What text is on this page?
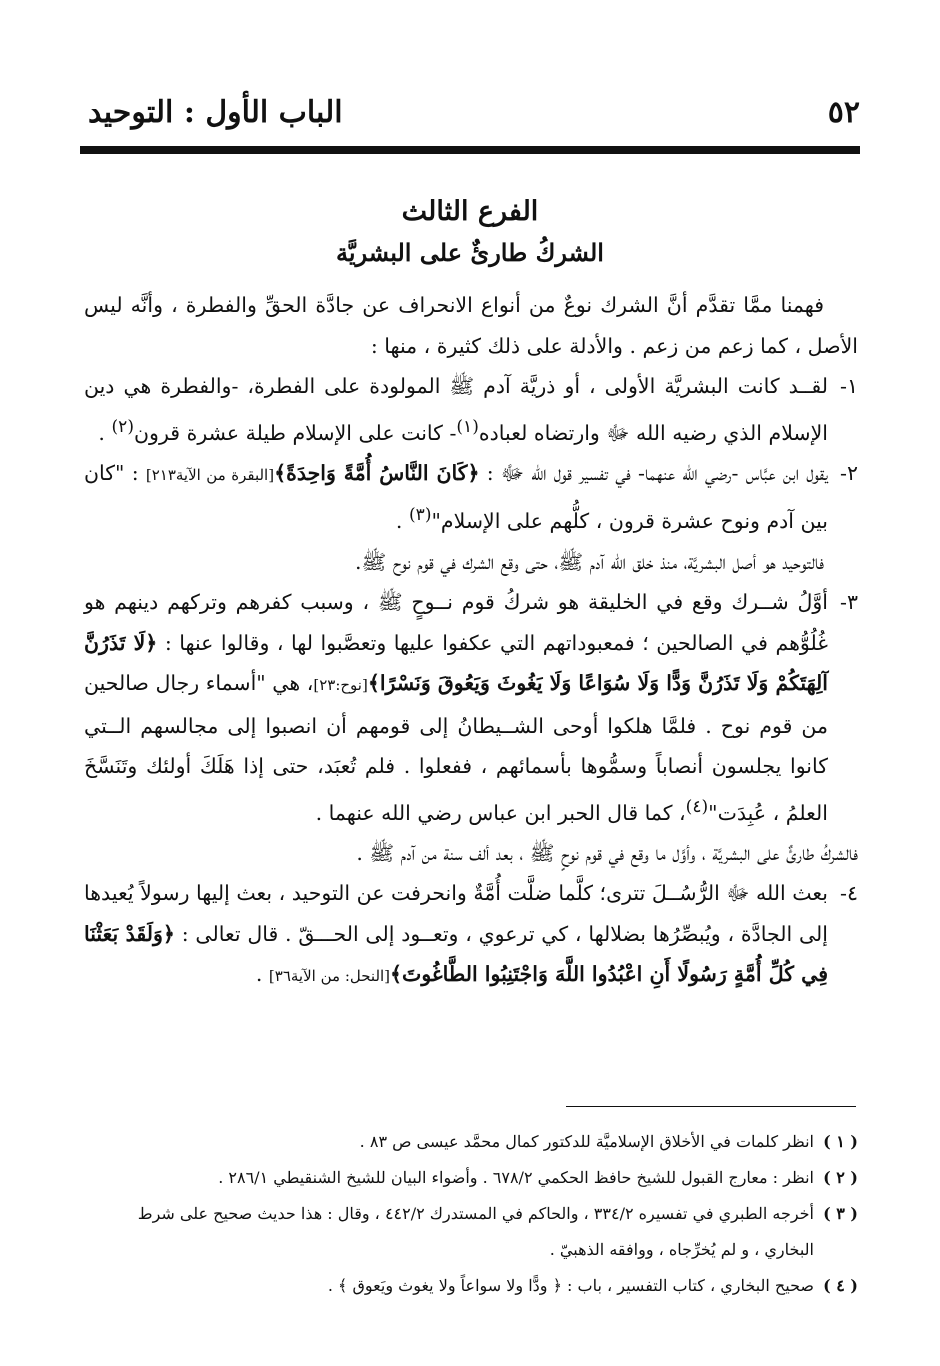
٥٢
الباب الأول : التوحيد
الفرع الثالث
الشركُ طارئٌ على البشريَّة

فهمنا ممَّا تقدَّم أنَّ الشرك نوعٌ من أنواع الانحراف عن جادَّة الحقِّ والفطرة ، وأنَّه ليس الأصل ، كما زعم من زعم . والأدلة على ذلك كثيرة ، منها :

١-لقــد كانت البشريَّة الأولى ، أو ذريَّة آدم ﷺ المولودة على الفطرة، -والفطرة هي دين الإسلام الذي رضيه الله ﷻ وارتضاه لعباده$^{(١)}$- كانت على الإسلام طيلة عشرة قرون$^{(٢)}$ .

٢-يقول ابن عبَّاس -رضي الله عنهما- في تفسير قول الله ﷻ : ﴿كَانَ النَّاسُ أُمَّةً وَاحِدَةً﴾[البقرة من الآية٢١٣] : "كان بين آدم ونوح عشرة قرون ، كلُّهم على الإسلام"$^{(٣)}$ .

فالتوحيد هو أصل البشريَّة، منذ خلق الله آدم ﷺ، حتى وقع الشرك في قوم نوح ﷺ.

٣-أوَّلُ شــرك وقع في الخليقة هو شركُ قوم نــوحٍ ﷺ ، وسبب كفرهم وتركهم دينهم هو غُلُوُّهم في الصالحين ؛ فمعبوداتهم التي عكفوا عليها وتعصَّبوا لها ، وقالوا عنها : ﴿لَا تَذَرُنَّ آلِهَتَكُمْ وَلَا تَذَرُنَّ وَدًّا وَلَا سُوَاعًا وَلَا يَغُوثَ وَيَعُوقَ وَنَسْرًا﴾[نوح:٢٣]، هي "أسماء رجال صالحين من قوم نوح . فلمَّا هلكوا أوحى الشــيطانُ إلى قومهم أن انصبوا إلى مجالسهم الــتي كانوا يجلسون أنصاباً وسمُّوها بأسمائهم ، ففعلوا . فلم تُعبَد، حتى إذا هَلَكَ أولئك وتَنَسَّخَ العلمُ ، عُبِدَت"$^{(٤)}$، كما قال الحبر ابن عباس رضي الله عنهما .

فالشركُ طارئٌ على البشريَّة ، وأوَّل ما وقع في قوم نوحٍ ﷺ ، بعد ألف سنة من آدم ﷺ .

٤-بعث الله ﷻ الرُّسُــلَ تترى؛ كلَّما ضلَّت أُمَّةٌ وانحرفت عن التوحيد ، بعث إليها رسولاً يُعيدها إلى الجادَّة ، ويُبصِّرُها بضلالها ، كي ترعوي ، وتعــود إلى الحـــقّ . قال تعالى : ﴿وَلَقَدْ بَعَثْنَا فِي كُلِّ أُمَّةٍ رَسُولًا أَنِ اعْبُدُوا اللَّهَ وَاجْتَنِبُوا الطَّاغُوتَ﴾[النحل: من الآية٣٦] .

( ١ )انظر كلمات في الأخلاق الإسلاميَّة للدكتور كمال محمَّد عيسى ص ٨٣ .

( ٢ )انظر : معارج القبول للشيخ حافظ الحكمي ٦٧٨/٢ . وأضواء البيان للشيخ الشنقيطي ٢٨٦/١ .

( ٣ )أخرجه الطبري في تفسيره ٣٣٤/٢ ، والحاكم في المستدرك ٤٤٢/٢ ، وقال : هذا حديث صحيح على شرط البخاري ، و لم يُخرِّجاه ، ووافقه الذهبيّ .

( ٤ )صحيح البخاري ، كتاب التفسير ، باب : ﴿ ودًّا ولا سواعاً ولا يغوث ويَعوق ﴾ .
